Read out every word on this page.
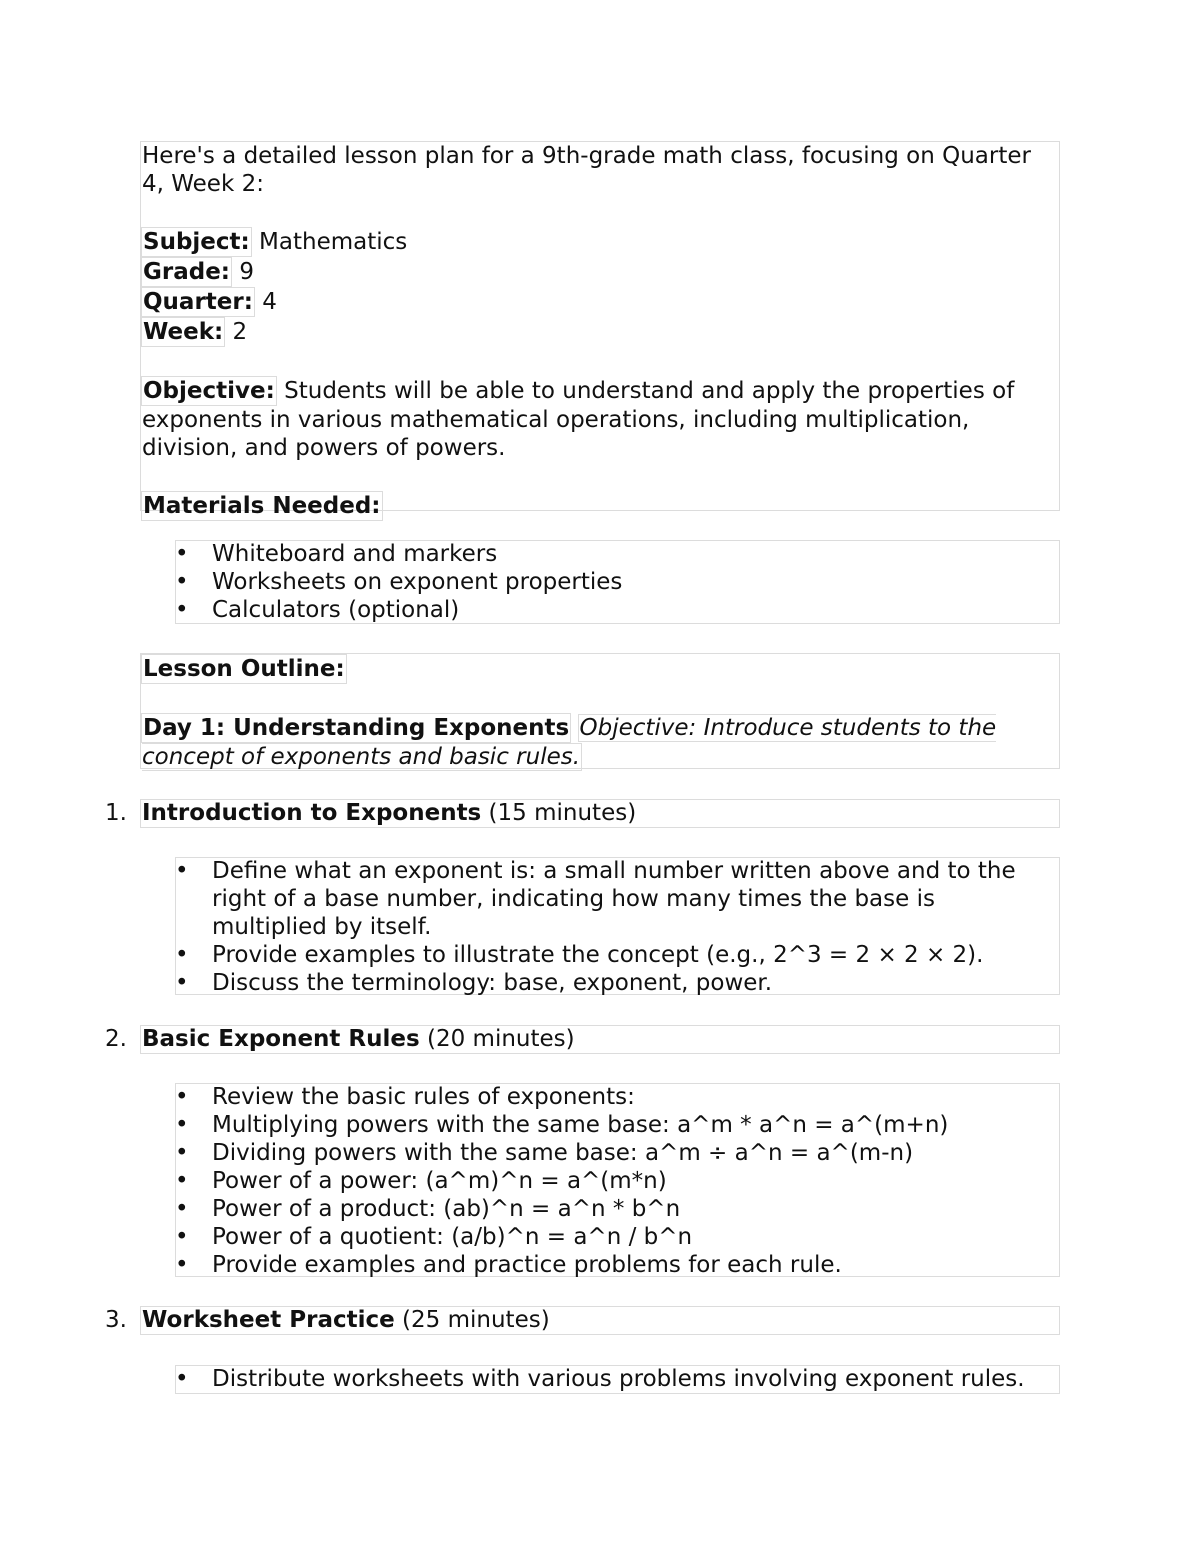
Here's a detailed lesson plan for a 9th-grade math class, focusing on Quarter 4, Week 2:

Subject: Mathematics

Grade: 9

Quarter: 4

Week: 2

Objective: Students will be able to understand and apply the properties of exponents in various mathematical operations, including multiplication, division, and powers of powers.

Materials Needed:

• Whiteboard and markers
• Worksheets on exponent properties
• Calculators (optional)

Lesson Outline:

Day 1: Understanding Exponents Objective: Introduce students to the concept of exponents and basic rules.

1. Introduction to Exponents (15 minutes)
• Define what an exponent is: a small number written above and to the right of a base number, indicating how many times the base is multiplied by itself.
• Provide examples to illustrate the concept (e.g., 2^3 = 2 × 2 × 2).
• Discuss the terminology: base, exponent, power.
2. Basic Exponent Rules (20 minutes)
• Review the basic rules of exponents:
• Multiplying powers with the same base: a^m * a^n = a^(m+n)
• Dividing powers with the same base: a^m ÷ a^n = a^(m-n)
• Power of a power: (a^m)^n = a^(m*n)
• Power of a product: (ab)^n = a^n * b^n
• Power of a quotient: (a/b)^n = a^n / b^n
• Provide examples and practice problems for each rule.
3. Worksheet Practice (25 minutes)
• Distribute worksheets with various problems involving exponent rules.
